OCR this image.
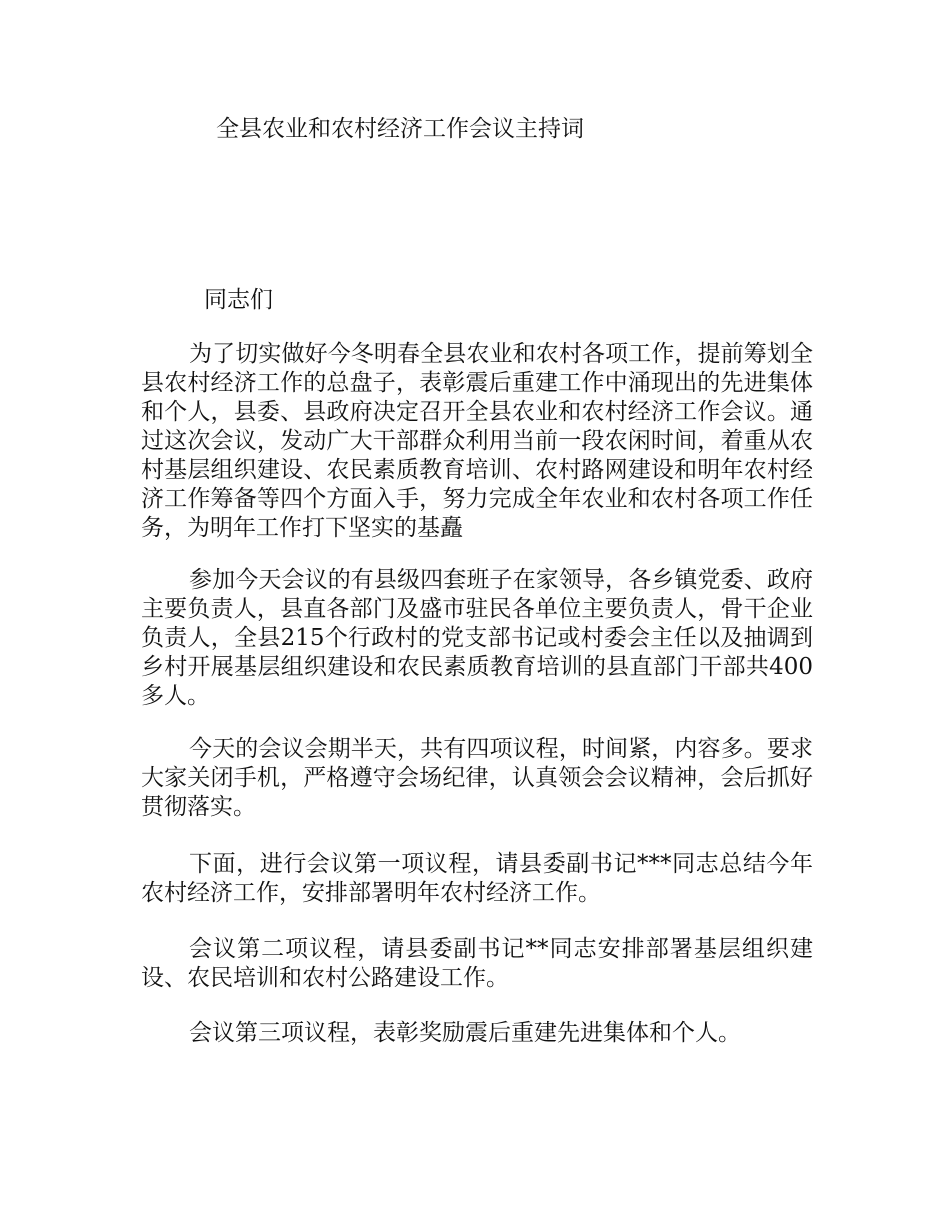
全县农业和农村经济工作会议主持词
同志们

为了切实做好今冬明春全县农业和农村各项工作，提前筹划全县农村经济工作的总盘子，表彰震后重建工作中涌现出的先进集体和个人，县委、县政府决定召开全县农业和农村经济工作会议。通过这次会议，发动广大干部群众利用当前一段农闲时间，着重从农村基层组织建设、农民素质教育培训、农村路网建设和明年农村经济工作筹备等四个方面入手，努力完成全年农业和农村各项工作任务，为明年工作打下坚实的基矗

参加今天会议的有县级四套班子在家领导，各乡镇党委、政府主要负责人，县直各部门及盛市驻民各单位主要负责人，骨干企业负责人，全县215个行政村的党支部书记或村委会主任以及抽调到乡村开展基层组织建设和农民素质教育培训的县直部门干部共400多人。

今天的会议会期半天，共有四项议程，时间紧，内容多。要求大家关闭手机，严格遵守会场纪律，认真领会会议精神，会后抓好贯彻落实。

下面，进行会议第一项议程，请县委副书记***同志总结今年农村经济工作，安排部署明年农村经济工作。

会议第二项议程，请县委副书记**同志安排部署基层组织建设、农民培训和农村公路建设工作。

会议第三项议程，表彰奖励震后重建先进集体和个人。
